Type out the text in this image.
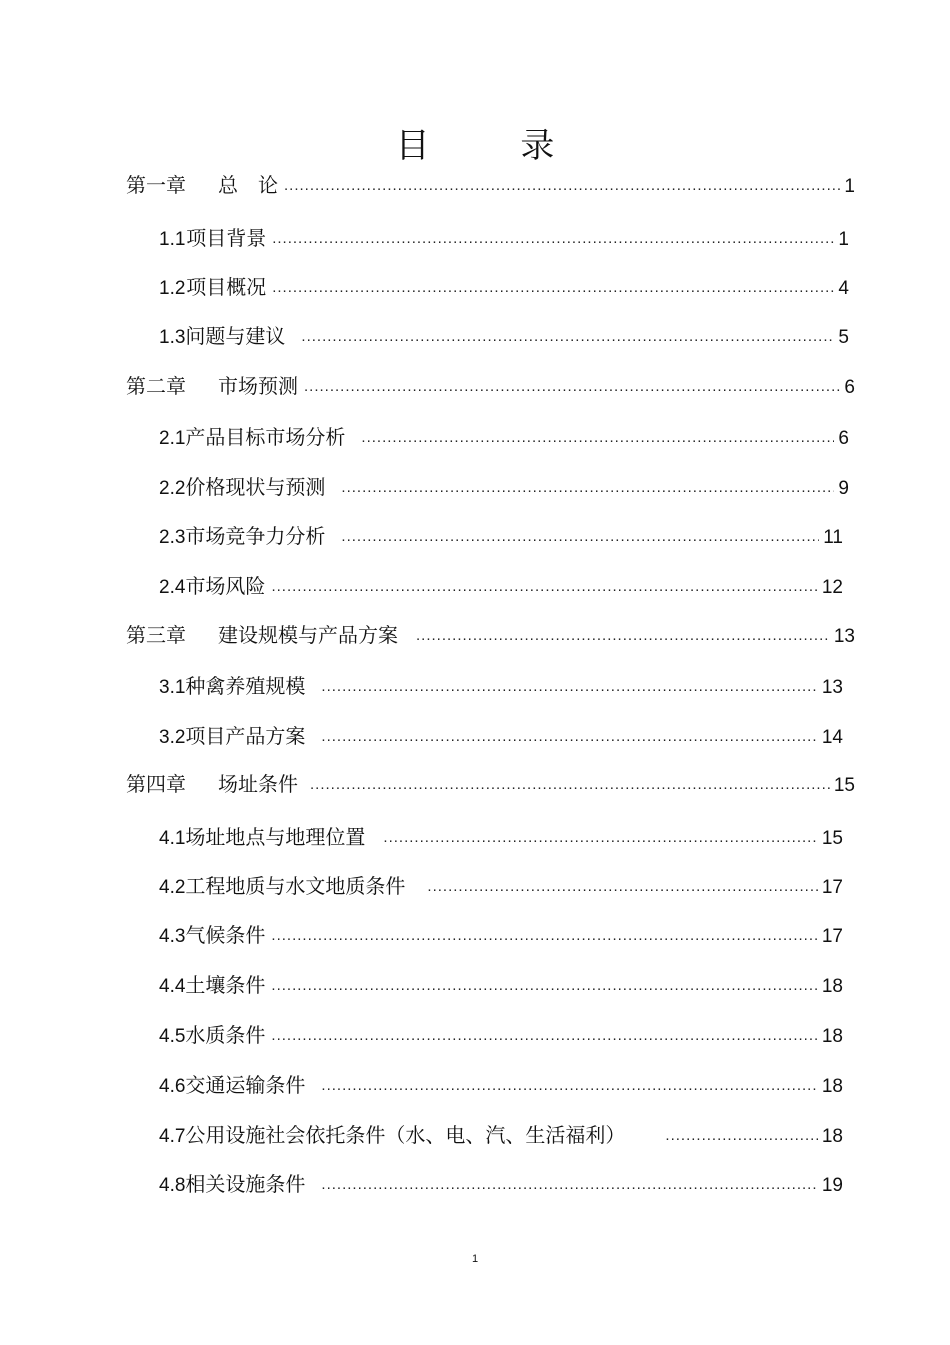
目 录
第一章 总　论 .....	1
1.1 项目背景 .....	1
1.2 项目概况 .....	4
1.3 问题与建议 .....	5
第二章 市场预测 .....	6
2.1 产品目标市场分析 .....	6
2.2 价格现状与预测 .....	9
2.3 市场竞争力分析 .....	11
2.4 市场风险 .....	12
第三章 建设规模与产品方案 .....	13
3.1 种禽养殖规模 .....	13
3.2 项目产品方案 .....	14
第四章 场址条件 .....	15
4.1 场址地点与地理位置 .....	15
4.2 工程地质与水文地质条件 .....	17
4.3 气候条件 .....	17
4.4 土壤条件 .....	18
4.5 水质条件 .....	18
4.6 交通运输条件 .....	18
4.7 公用设施社会依托条件（水、电、汽、生活福利） .....	18
4.8 相关设施条件 .....	19
1
